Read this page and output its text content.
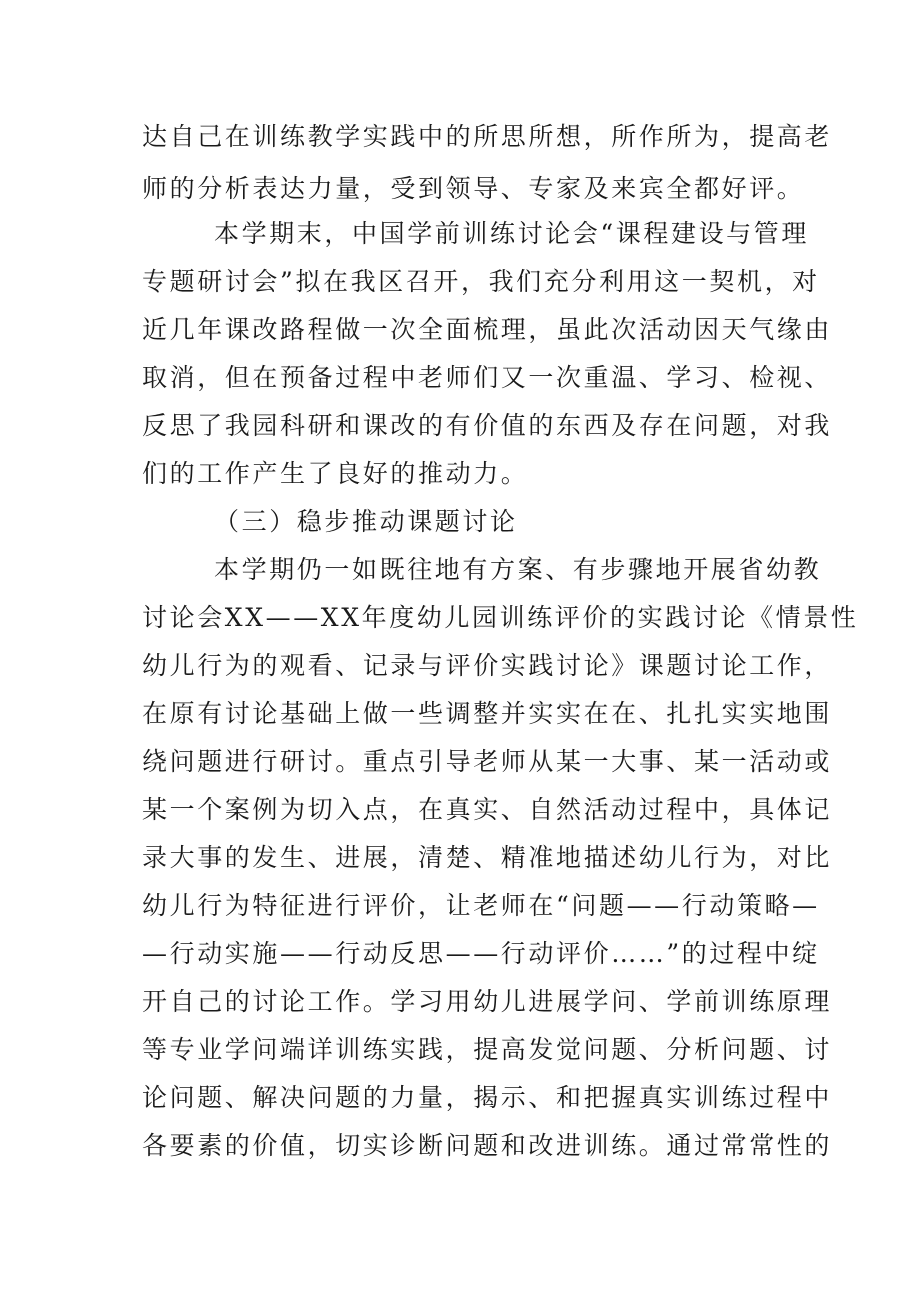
达自己在训练教学实践中的所思所想，所作所为，提高老
师的分析表达力量，受到领导、专家及来宾全都好评。
本学期末，中国学前训练讨论会“课程建设与管理
专题研讨会”拟在我区召开，我们充分利用这一契机，对
近几年课改路程做一次全面梳理，虽此次活动因天气缘由
取消，但在预备过程中老师们又一次重温、学习、检视、
反思了我园科研和课改的有价值的东西及存在问题，对我
们的工作产生了良好的推动力。
（三）稳步推动课题讨论
本学期仍一如既往地有方案、有步骤地开展省幼教
讨论会XX——XX年度幼儿园训练评价的实践讨论《情景性
幼儿行为的观看、记录与评价实践讨论》课题讨论工作，
在原有讨论基础上做一些调整并实实在在、扎扎实实地围
绕问题进行研讨。重点引导老师从某一大事、某一活动或
某一个案例为切入点，在真实、自然活动过程中，具体记
录大事的发生、进展，清楚、精准地描述幼儿行为，对比
幼儿行为特征进行评价，让老师在“问题——行动策略—
—行动实施——行动反思——行动评价……”的过程中绽
开自己的讨论工作。学习用幼儿进展学问、学前训练原理
等专业学问端详训练实践，提高发觉问题、分析问题、讨
论问题、解决问题的力量，揭示、和把握真实训练过程中
各要素的价值，切实诊断问题和改进训练。通过常常性的
